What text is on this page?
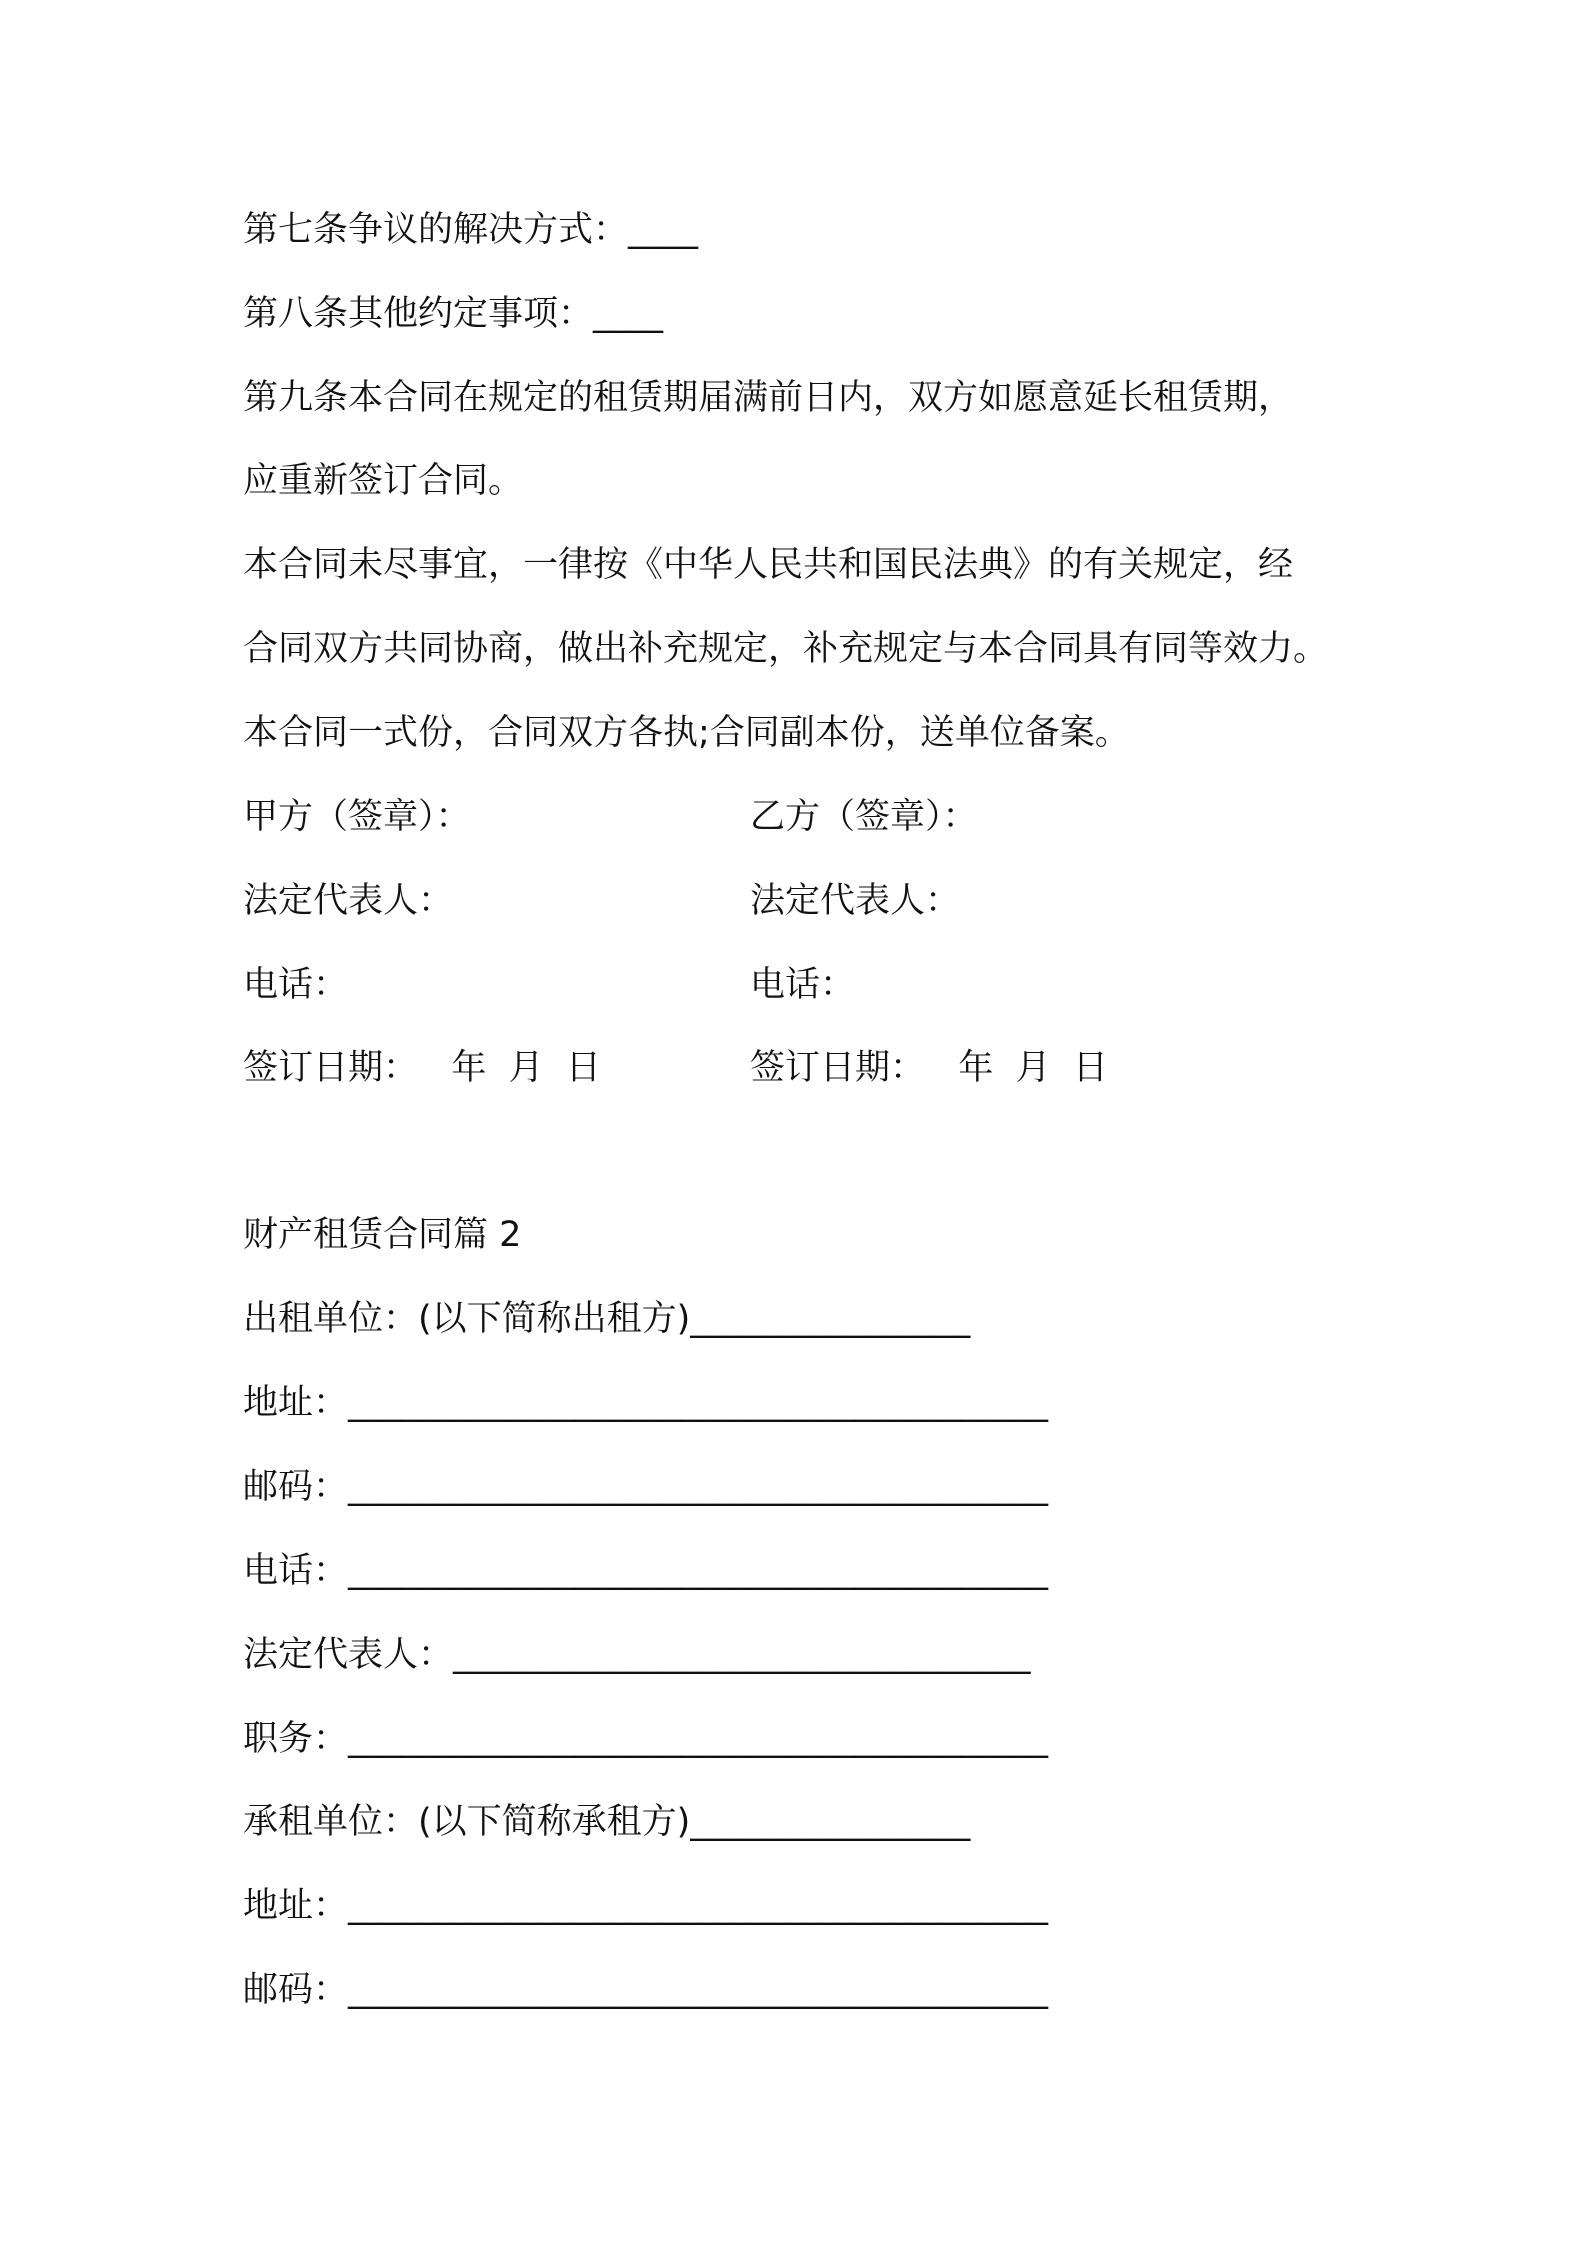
第七条争议的解决方式：____
第八条其他约定事项：____
第九条本合同在规定的租赁期届满前日内，双方如愿意延长租赁期，
应重新签订合同。
本合同未尽事宜，一律按《中华人民共和国民法典》的有关规定，经
合同双方共同协商，做出补充规定，补充规定与本合同具有同等效力。
本合同一式份，合同双方各执;合同副本份，送单位备案。
甲方（签章）：	乙方（签章）：
法定代表人：	法定代表人：
电话：	电话：
签订日期：   年  月  日	签订日期：   年  月  日
财产租赁合同篇 2
出租单位：(以下简称出租方)________________
地址：________________________________________
邮码：________________________________________
电话：________________________________________
法定代表人：_________________________________
职务：________________________________________
承租单位：(以下简称承租方)________________
地址：________________________________________
邮码：________________________________________
